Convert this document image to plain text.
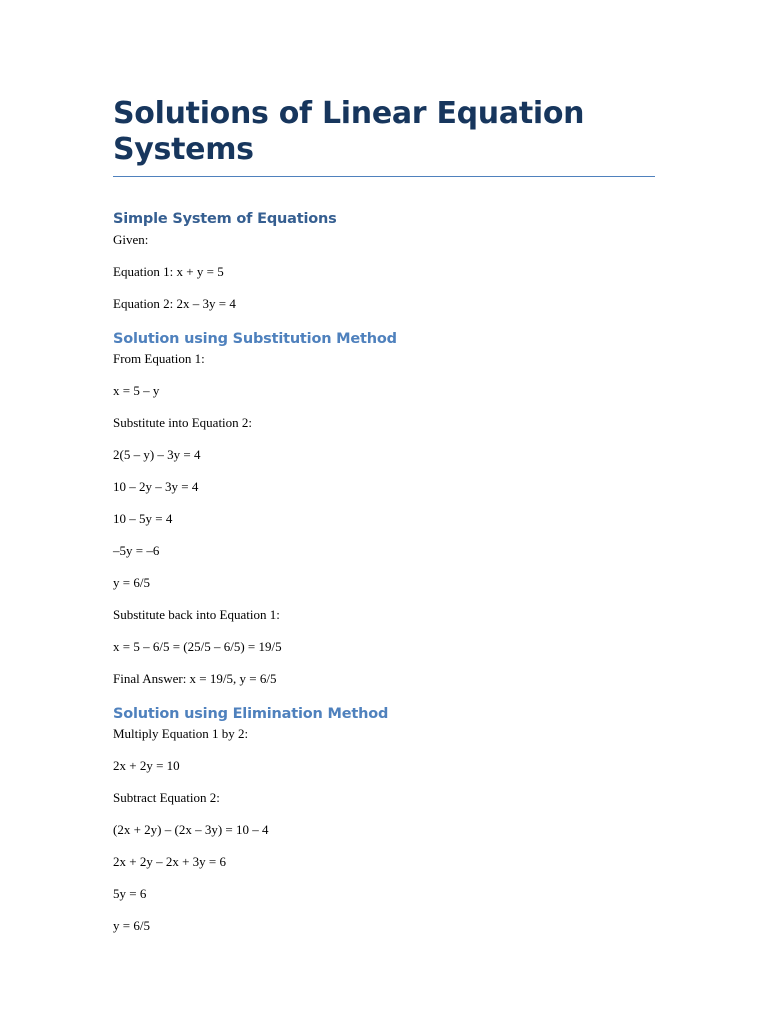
Solutions of Linear Equation Systems
Simple System of Equations

Given:

Equation 1: x + y = 5

Equation 2: 2x – 3y = 4

Solution using Substitution Method

From Equation 1:

x = 5 – y

Substitute into Equation 2:

2(5 – y) – 3y = 4

10 – 2y – 3y = 4

10 – 5y = 4

–5y = –6

y = 6/5

Substitute back into Equation 1:

x = 5 – 6/5 = (25/5 – 6/5) = 19/5

Final Answer: x = 19/5, y = 6/5

Solution using Elimination Method

Multiply Equation 1 by 2:

2x + 2y = 10

Subtract Equation 2:

(2x + 2y) – (2x – 3y) = 10 – 4

2x + 2y – 2x + 3y = 6

5y = 6

y = 6/5
